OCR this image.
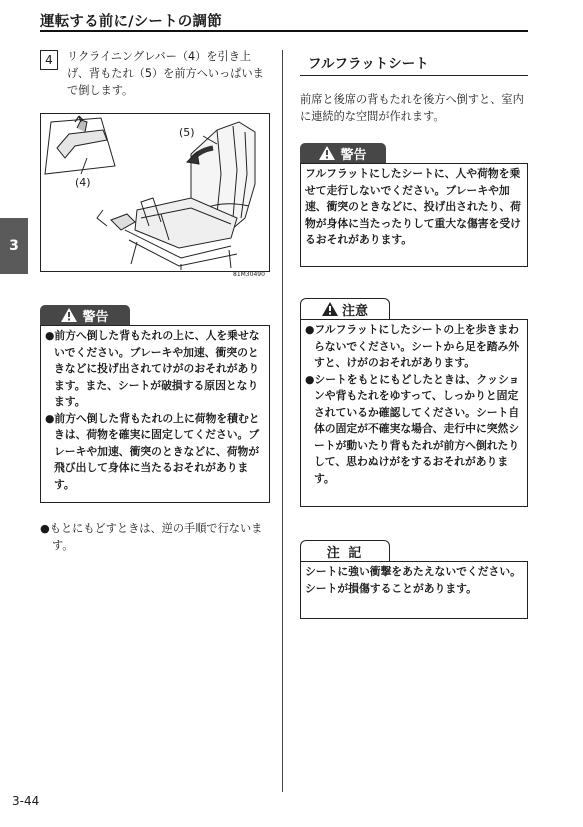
運転する前に/シートの調節
3
4	リクライニングレバー（4）を引き上げ、背もたれ（5）を前方へいっぱいまで倒します。
(5)
(4)
81M30490
警告

●前方へ倒した背もたれの上に、人を乗せないでください。ブレーキや加速、衝突のときなどに投げ出されてけがのおそれがあります。また、シートが破損する原因となります。

●前方へ倒した背もたれの上に荷物を積むときは、荷物を確実に固定してください。ブレーキや加速、衝突のときなどに、荷物が飛び出して身体に当たるおそれがあります。

●もとにもどすときは、逆の手順で行ないます。
フルフラットシート
前席と後席の背もたれを後方へ倒すと、室内に連続的な空間が作れます。
警告

フルフラットにしたシートに、人や荷物を乗せて走行しないでください。ブレーキや加速、衝突のときなどに、投げ出されたり、荷物が身体に当たったりして重大な傷害を受けるおそれがあります。

注意

●フルフラットにしたシートの上を歩きまわらないでください。シートから足を踏み外すと、けがのおそれがあります。

●シートをもとにもどしたときは、クッションや背もたれをゆすって、しっかりと固定されているか確認してください。シート自体の固定が不確実な場合、走行中に突然シートが動いたり背もたれが前方へ倒れたりして、思わぬけがをするおそれがあります。

注 記

シートに強い衝撃をあたえないでください。シートが損傷することがあります。

3-44
